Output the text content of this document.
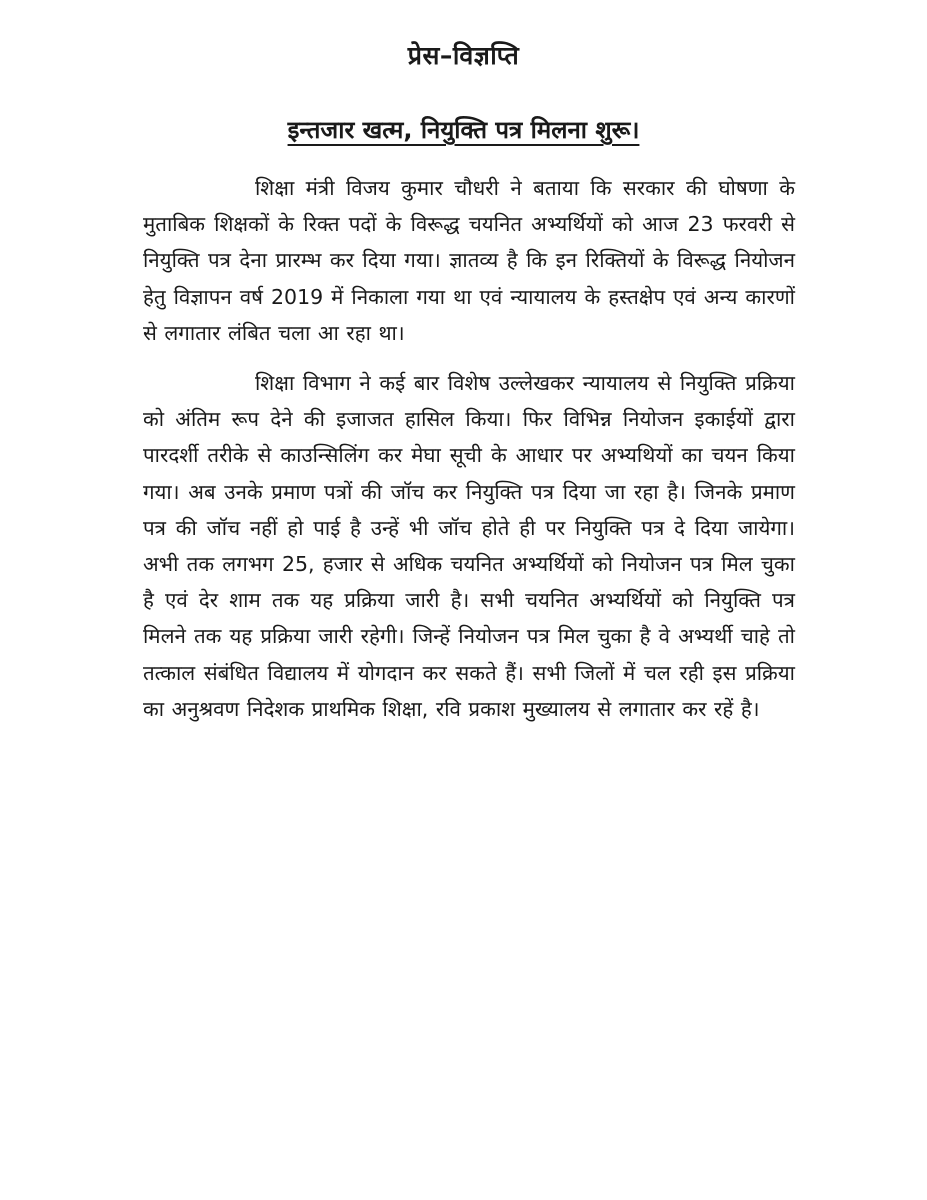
प्रेस–विज्ञप्ति
इन्तजार खत्म, नियुक्ति पत्र मिलना शुरू।

शिक्षा मंत्री विजय कुमार चौधरी ने बताया कि सरकार की घोषणा के मुताबिक शिक्षकों के रिक्त पदों के विरूद्ध चयनित अभ्यर्थियों को आज 23 फरवरी से नियुक्ति पत्र देना प्रारम्भ कर दिया गया। ज्ञातव्य है कि इन रिक्तियों के विरूद्ध नियोजन हेतु विज्ञापन वर्ष 2019 में निकाला गया था एवं न्यायालय के हस्तक्षेप एवं अन्य कारणों से लगातार लंबित चला आ रहा था।

शिक्षा विभाग ने कई बार विशेष उल्लेखकर न्यायालय से नियुक्ति प्रक्रिया को अंतिम रूप देने की इजाजत हासिल किया। फिर विभिन्न नियोजन इकाईयों द्वारा पारदर्शी तरीके से काउन्सिलिंग कर मेघा सूची के आधार पर अभ्यथियों का चयन किया गया। अब उनके प्रमाण पत्रों की जॉच कर नियुक्ति पत्र दिया जा रहा है। जिनके प्रमाण पत्र की जॉच नहीं हो पाई है उन्हें भी जॉच होते ही पर नियुक्ति पत्र दे दिया जायेगा। अभी तक लगभग 25, हजार से अधिक चयनित अभ्यर्थियों को नियोजन पत्र मिल चुका है एवं देर शाम तक यह प्रक्रिया जारी है। सभी चयनित अभ्यर्थियों को नियुक्ति पत्र मिलने तक यह प्रक्रिया जारी रहेगी। जिन्हें नियोजन पत्र मिल चुका है वे अभ्यर्थी चाहे तो तत्काल संबंधित विद्यालय में योगदान कर सकते हैं। सभी जिलों में चल रही इस प्रक्रिया का अनुश्रवण निदेशक प्राथमिक शिक्षा, रवि प्रकाश मुख्यालय से लगातार कर रहें है।
